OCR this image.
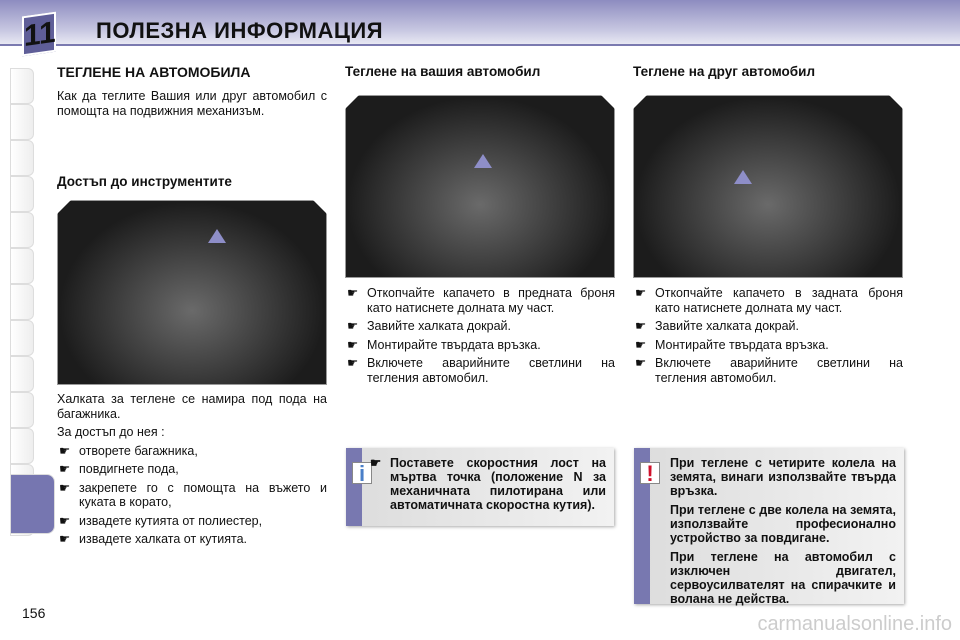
11 ПОЛЕЗНА ИНФОРМАЦИЯ
ТЕГЛЕНЕ НА АВТОМОБИЛА
Как да теглите Вашия или друг автомобил с помощта на подвижния механизъм.
Достъп до инструментите
Халката за теглене се намира под пода на багажника.
За достъп до нея :
☛ отворете багажника,
☛ повдигнете пода,
☛ закрепете го с помощта на въжето и куката в корато,
☛ извадете кутията от полиестер,
☛ извадете халката от кутията.
Теглене на вашия автомобил
☛ Откопчайте капачето в предната броня като натиснете долната му част.
☛ Завийте халката докрай.
☛ Монтирайте твърдата връзка.
☛ Включете аварийните светлини на тегления автомобил.
i ☛ Поставете скоростния лост на мъртва точка (положение N за механичната пилотирана или автоматичната скоростна кутия).
Теглене на друг автомобил
☛ Откопчайте капачето в задната броня като натиснете долната му част.
☛ Завийте халката докрай.
☛ Монтирайте твърдата връзка.
☛ Включете аварийните светлини на тегления автомобил.
!	При теглене с четирите колела на земята, винаги използвайте твърда връзка.
При теглене с две колела на земята, използвайте професионално устройство за повдигане.
При теглене на автомобил с изключен двигател, сервоусилвателят на спирачките и волана не действа.
156	carmanualsonline.info
